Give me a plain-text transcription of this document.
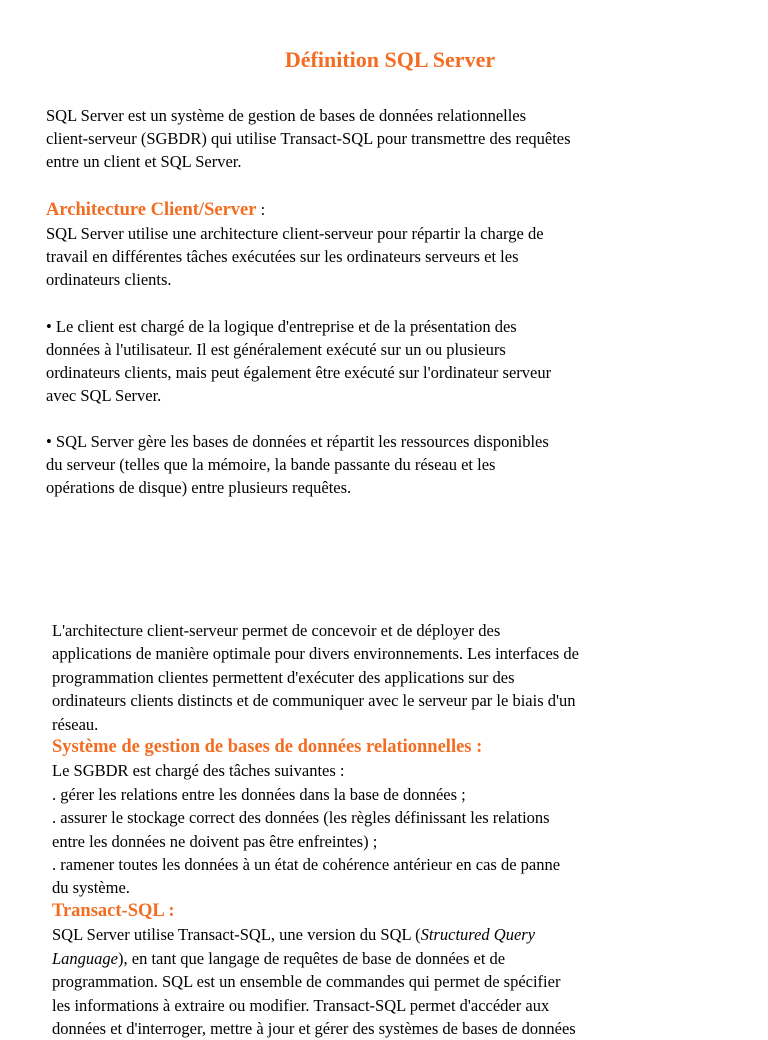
Définition SQL Server
SQL Server est un système de gestion de bases de données relationnelles
client-serveur (SGBDR) qui utilise Transact-SQL pour transmettre des requêtes
entre un client et SQL Server.
Architecture Client/Server :
SQL Server utilise une architecture client-serveur pour répartir la charge de
travail en différentes tâches exécutées sur les ordinateurs serveurs et les
ordinateurs clients.
• Le client est chargé de la logique d'entreprise et de la présentation des
données à l'utilisateur. Il est généralement exécuté sur un ou plusieurs
ordinateurs clients, mais peut également être exécuté sur l'ordinateur serveur
avec SQL Server.
• SQL Server gère les bases de données et répartit les ressources disponibles
du serveur (telles que la mémoire, la bande passante du réseau et les
opérations de disque) entre plusieurs requêtes.
L'architecture client-serveur permet de concevoir et de déployer des
applications de manière optimale pour divers environnements. Les interfaces de
programmation clientes permettent d'exécuter des applications sur des
ordinateurs clients distincts et de communiquer avec le serveur par le biais d'un
réseau.
Système de gestion de bases de données relationnelles :
Le SGBDR est chargé des tâches suivantes :
. gérer les relations entre les données dans la base de données ;
. assurer le stockage correct des données (les règles définissant les relations
entre les données ne doivent pas être enfreintes) ;
. ramener toutes les données à un état de cohérence antérieur en cas de panne
du système.
Transact-SQL :
SQL Server utilise Transact-SQL, une version du SQL (Structured Query
Language), en tant que langage de requêtes de base de données et de
programmation. SQL est un ensemble de commandes qui permet de spécifier
les informations à extraire ou modifier. Transact-SQL permet d'accéder aux
données et d'interroger, mettre à jour et gérer des systèmes de bases de données
